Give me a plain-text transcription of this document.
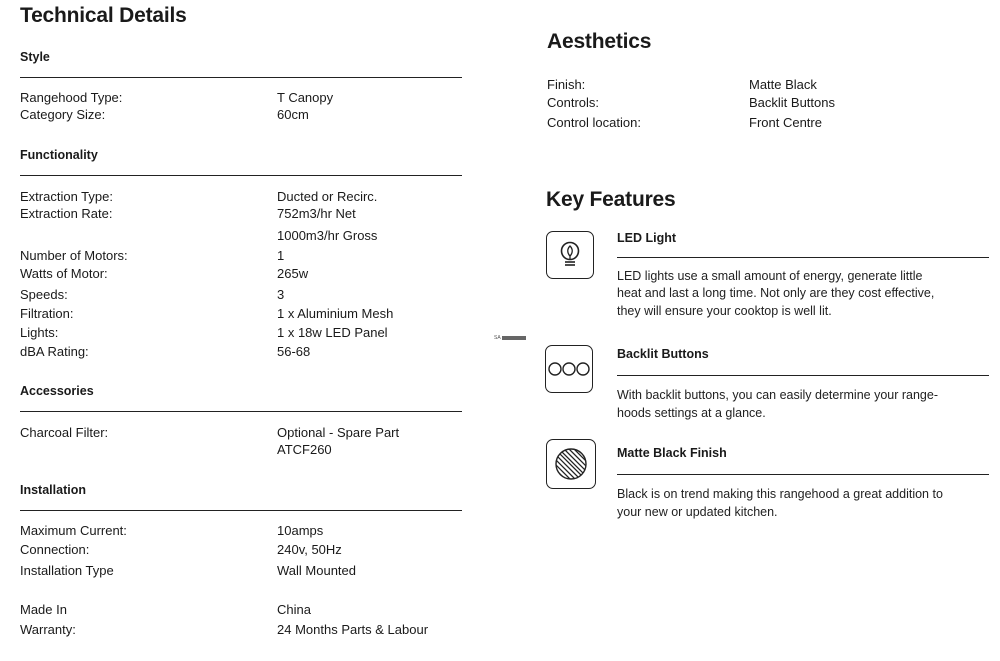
Technical Details
Style
Rangehood Type:	T Canopy
Category Size:	60cm
Functionality
Extraction Type:	Ducted or Recirc.
Extraction Rate:	752m3/hr Net
1000m3/hr Gross
Number of Motors:	1
Watts of Motor:	265w
Speeds:	3
Filtration:	1 x Aluminium Mesh
Lights:	1 x 18w LED Panel
dBA Rating:	56-68
Accessories
Charcoal Filter:	Optional - Spare Part
ATCF260
Installation
Maximum Current:	10amps
Connection:	240v, 50Hz
Installation Type	Wall Mounted
Made In	China
Warranty:	24 Months Parts & Labour
SA
Aesthetics
Finish:	Matte Black
Controls:	Backlit Buttons
Control location:	Front Centre
Key Features
LED Light
LED lights use a small amount of energy, generate little
heat and last a long time. Not only are they cost effective,
they will ensure your cooktop is well lit.
Backlit Buttons
With backlit buttons, you can easily determine your range-
hoods settings at a glance.
Matte Black Finish
Black is on trend making this rangehood a great addition to
your new or updated kitchen.
